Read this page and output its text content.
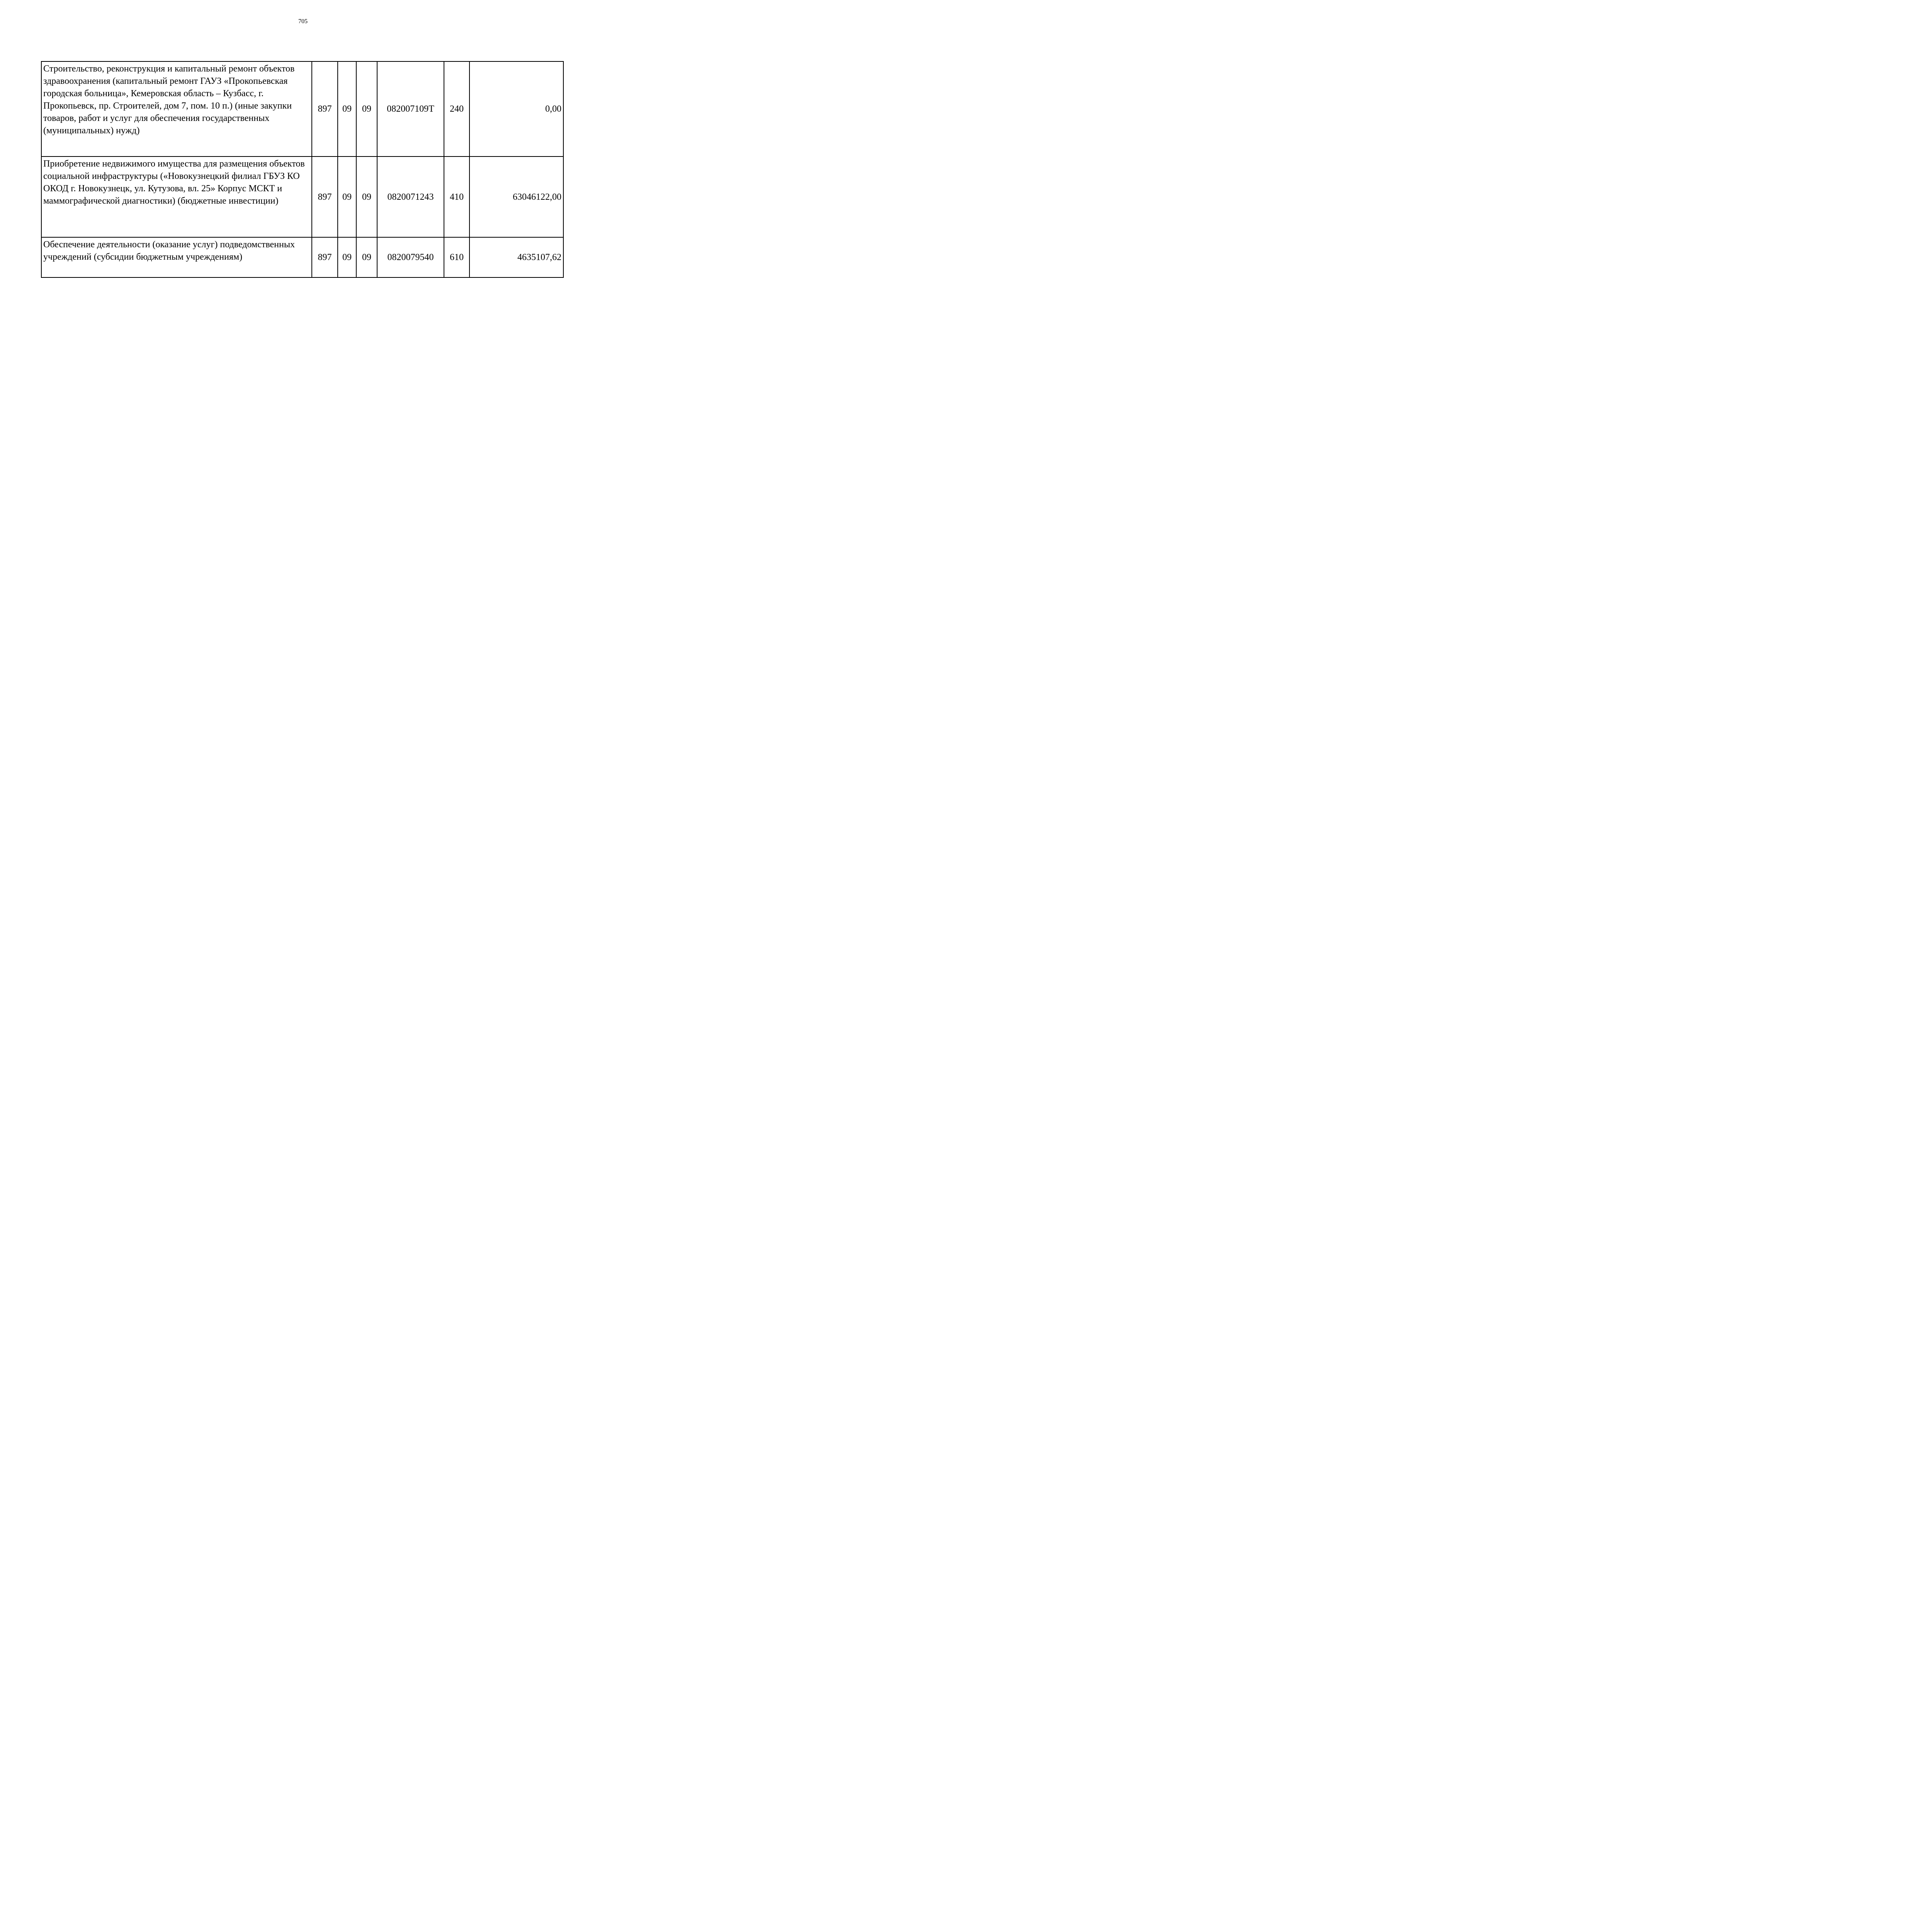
705
Строительство, реконструкция и капитальный ремонт объектов здравоохранения (капитальный ремонт ГАУЗ «Прокопьевская городская больница», Кемеровская область – Кузбасс, г. Прокопьевск, пр. Строителей, дом 7, пом. 10 п.) (иные закупки товаров, работ и услуг для обеспечения государственных (муниципальных) нужд)	897	09	09	082007109Т	240	0,00
Приобретение недвижимого имущества для размещения объектов социальной инфраструктуры («Новокузнецкий филиал ГБУЗ КО ОКОД г. Новокузнецк, ул. Кутузова, вл. 25» Корпус МСКТ и маммографической диагностики) (бюджетные инвестиции)	897	09	09	0820071243	410	63046122,00
Обеспечение деятельности (оказание услуг) подведомственных учреждений (субсидии бюджетным учреждениям)	897	09	09	0820079540	610	4635107,62
